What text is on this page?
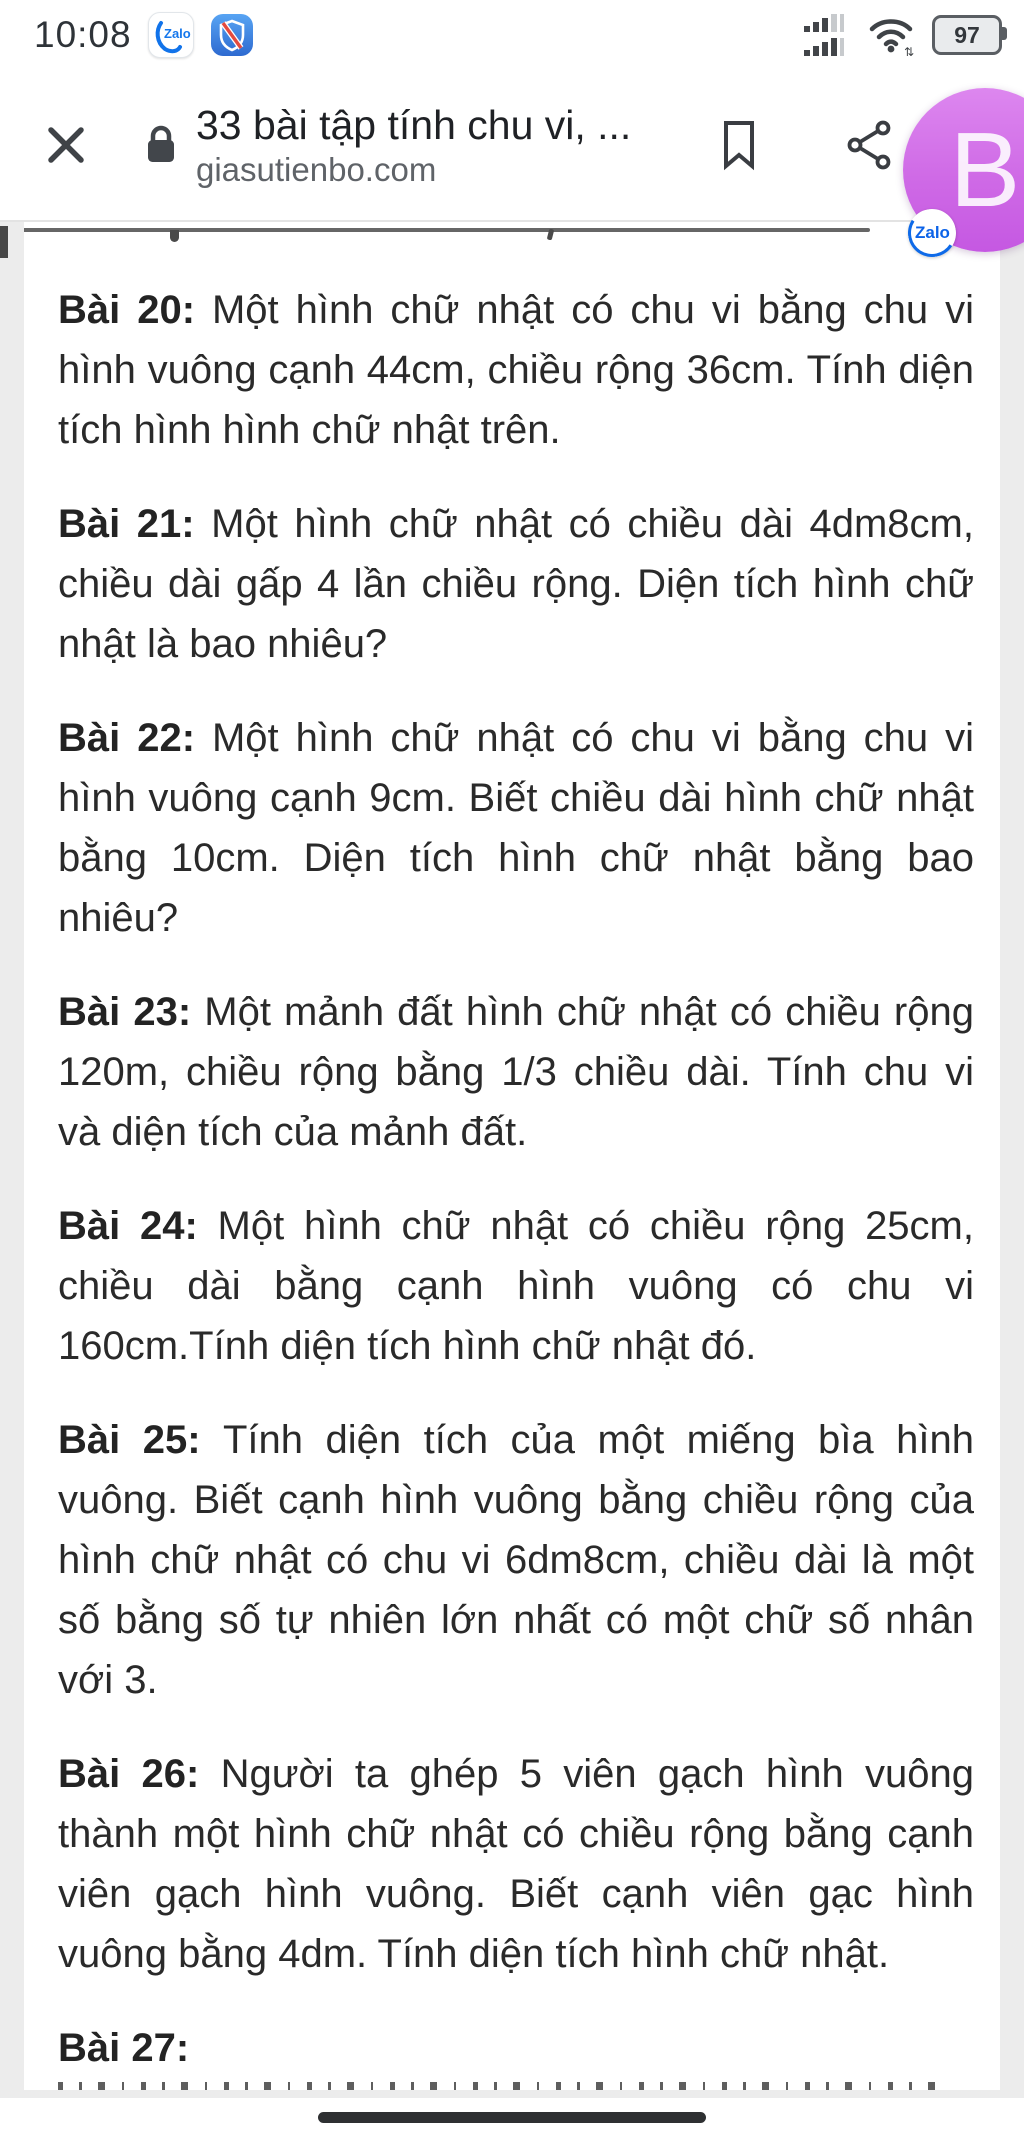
10:08 Zalo
⇅
97
33 bài tập tính chu vi, ...
giasutienbo.com	B
Zalo

Bài 20: Một hình chữ nhật có chu vi bằng chu vi hình vuông cạnh 44cm, chiều rộng 36cm. Tính diện tích hình hình chữ nhật trên.

Bài 21: Một hình chữ nhật có chiều dài 4dm8cm, chiều dài gấp 4 lần chiều rộng. Diện tích hình chữ nhật là bao nhiêu?

Bài 22: Một hình chữ nhật có chu vi bằng chu vi hình vuông cạnh 9cm. Biết chiều dài hình chữ nhật bằng 10cm. Diện tích hình chữ nhật bằng bao nhiêu?

Bài 23: Một mảnh đất hình chữ nhật có chiều rộng 120m, chiều rộng bằng 1/3 chiều dài. Tính chu vi và diện tích của mảnh đất.

Bài 24: Một hình chữ nhật có chiều rộng 25cm, chiều dài bằng cạnh hình vuông có chu vi 160cm.Tính diện tích hình chữ nhật đó.

Bài 25: Tính diện tích của một miếng bìa hình vuông. Biết cạnh hình vuông bằng chiều rộng của hình chữ nhật có chu vi 6dm8cm, chiều dài là một số bằng số tự nhiên lớn nhất có một chữ số nhân với 3.

Bài 26: Người ta ghép 5 viên gạch hình vuông thành một hình chữ nhật có chiều rộng bằng cạnh viên gạch hình vuông. Biết cạnh viên gạc hình vuông bằng 4dm. Tính diện tích hình chữ nhật.

Bài 27:
